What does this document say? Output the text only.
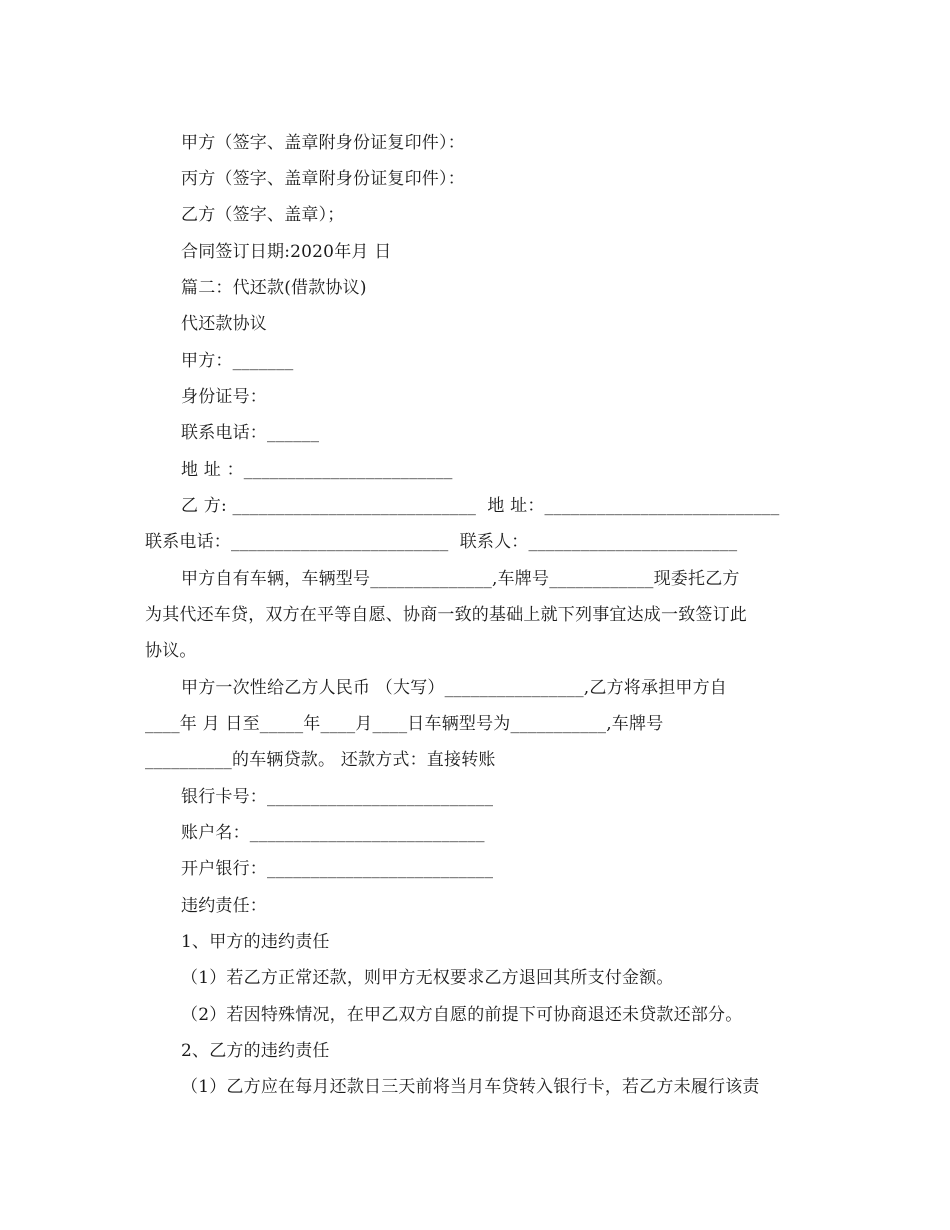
甲方（签字、盖章附身份证复印件）：
丙方（签字、盖章附身份证复印件）：
乙方（签字、盖章）；
合同签订日期:2020年月 日
篇二：代还款(借款协议)
代还款协议
甲方：_______
身份证号：
联系电话：______
地 址 ：________________________
乙 方: ____________________________  地 址：___________________________
联系电话：_________________________  联系人：________________________
甲方自有车辆，车辆型号______________,车牌号____________现委托乙方
为其代还车贷，双方在平等自愿、协商一致的基础上就下列事宜达成一致签订此
协议。
甲方一次性给乙方人民币 （大写）________________,乙方将承担甲方自
____年 月 日至_____年____月____日车辆型号为___________,车牌号
__________的车辆贷款。 还款方式：直接转账
银行卡号：__________________________
账户名：___________________________
开户银行：__________________________
违约责任：
1、甲方的违约责任
（1）若乙方正常还款，则甲方无权要求乙方退回其所支付金额。
（2）若因特殊情况，在甲乙双方自愿的前提下可协商退还未贷款还部分。
2、乙方的违约责任
（1）乙方应在每月还款日三天前将当月车贷转入银行卡，若乙方未履行该责
